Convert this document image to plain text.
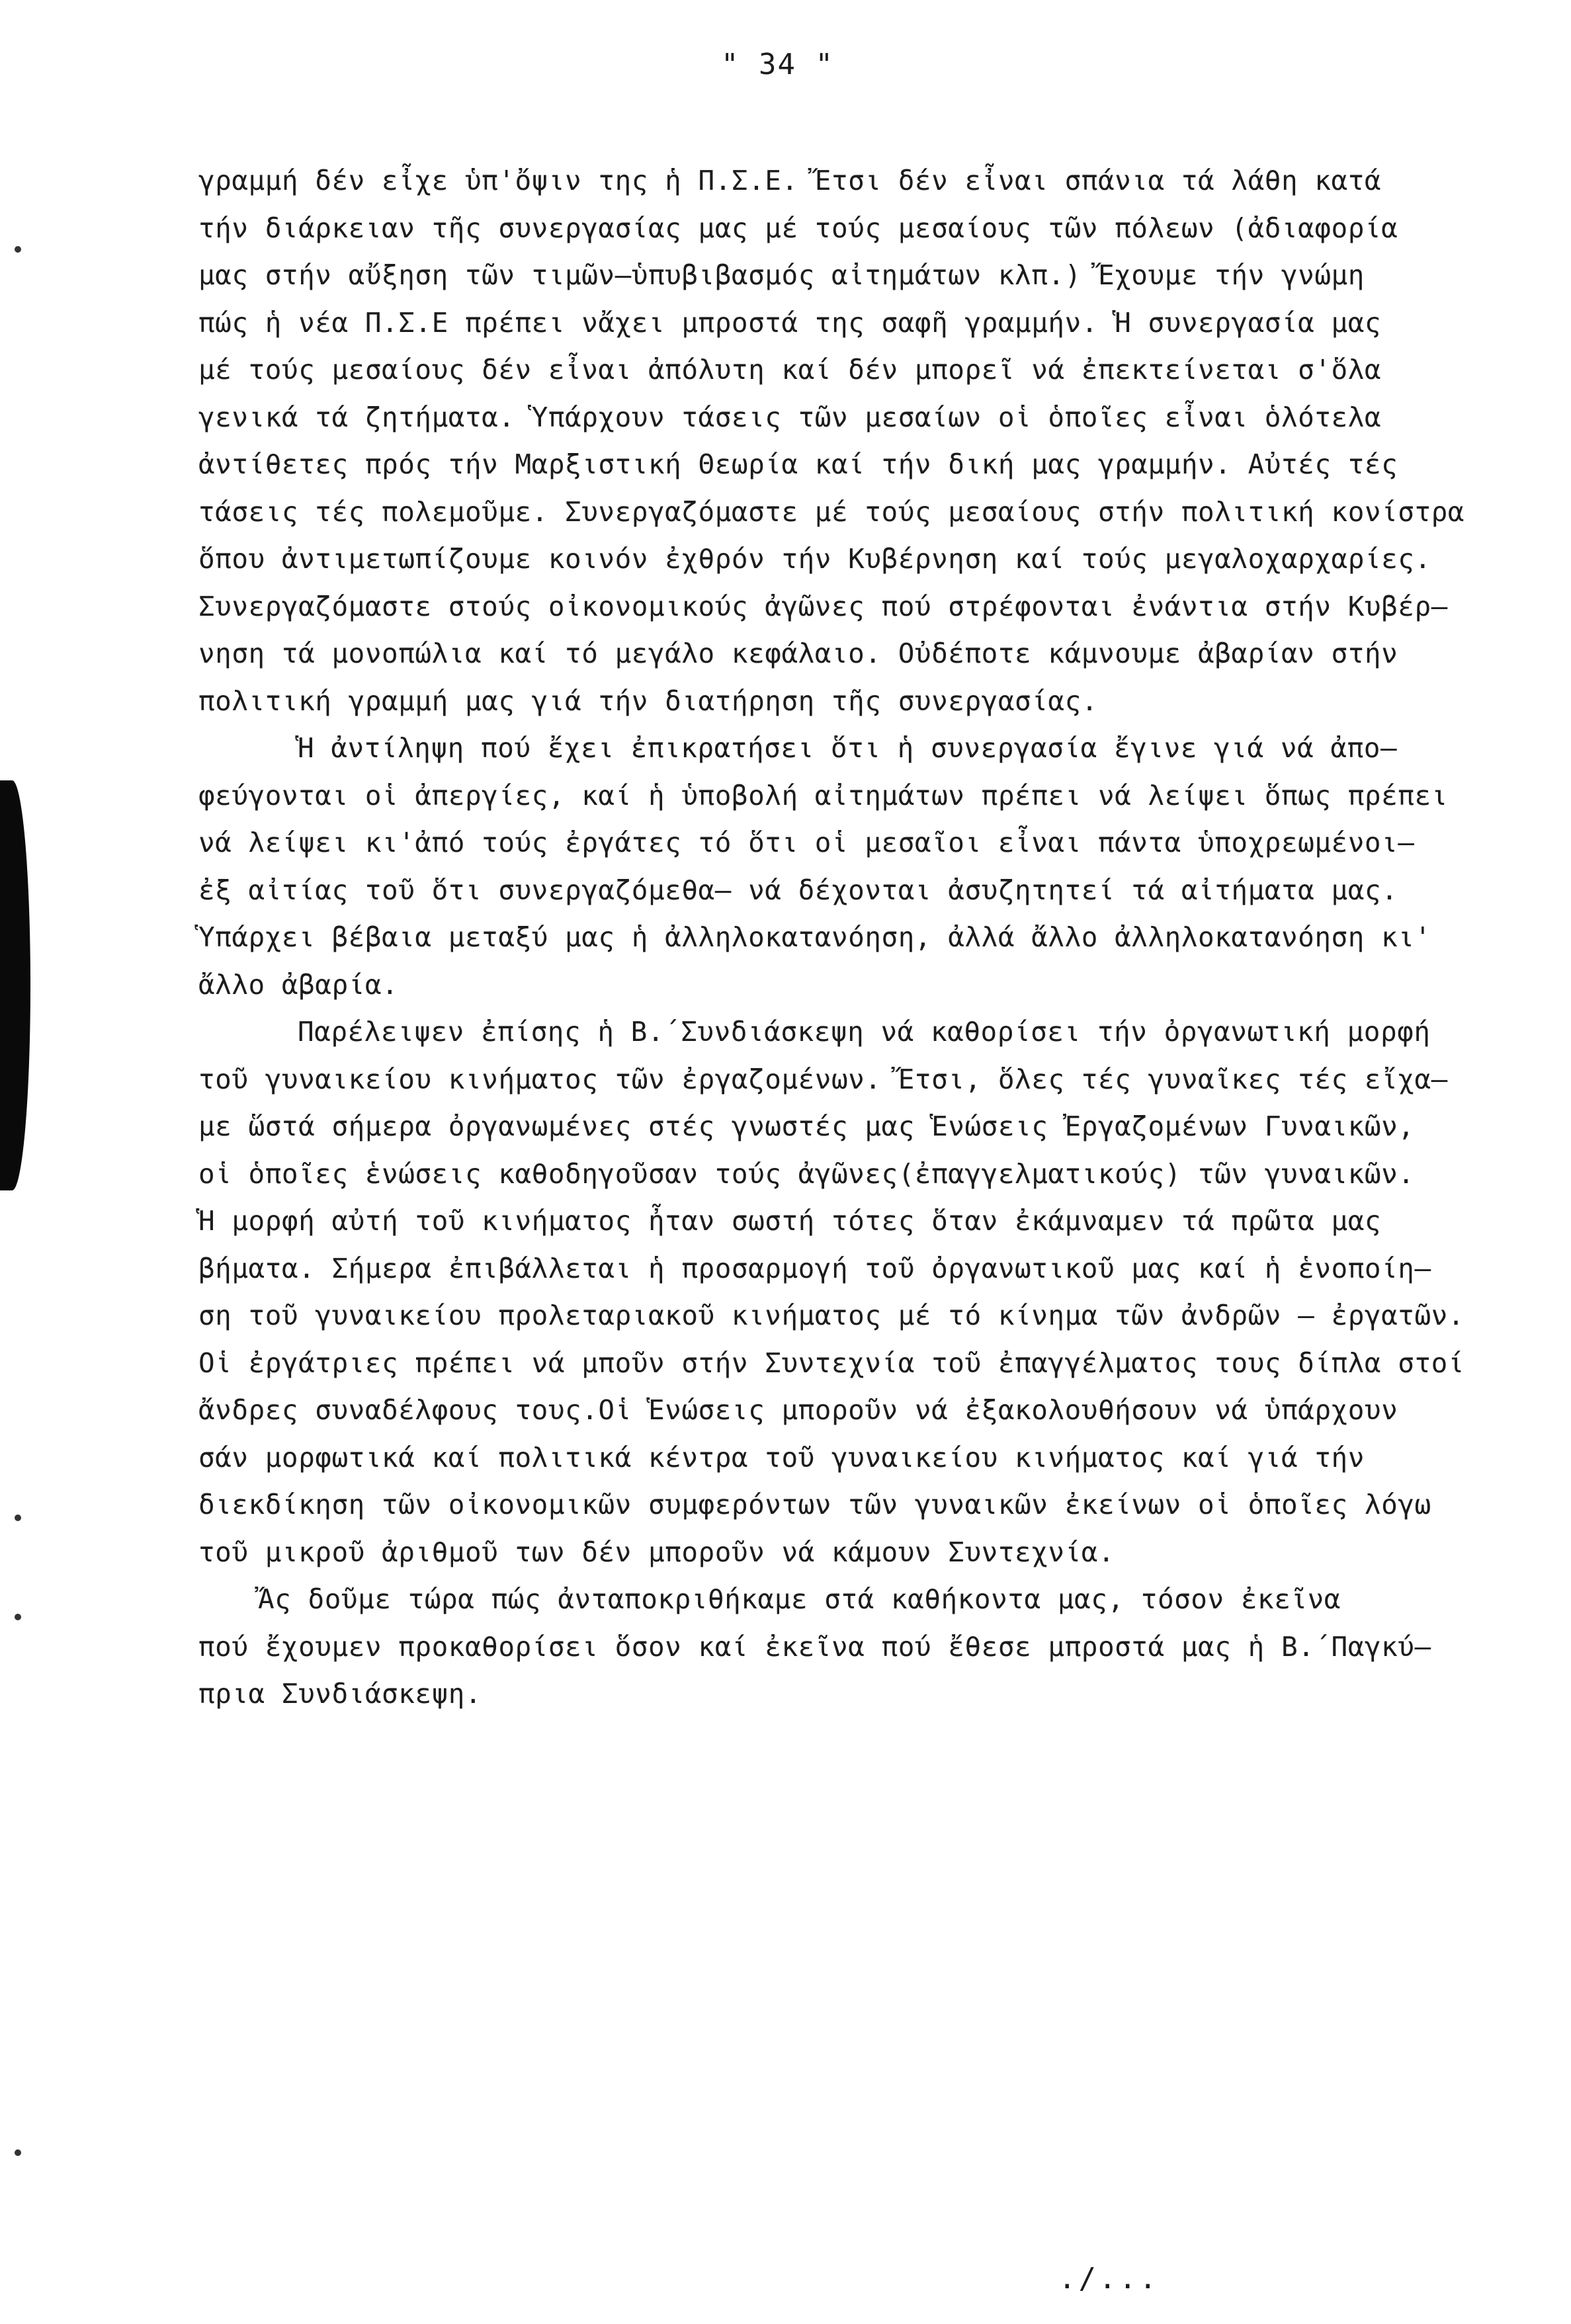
" 34 "
γραμμή δέν εἶχε ὑπ'ὄψιν της ἡ Π.Σ.Ε. Ἔτσι δέν εἶναι σπάνια τά λάθη κατά
τήν διάρκειαν τῆς συνεργασίας μας μέ τούς μεσαίους τῶν πόλεων (ἀδιαφορία
μας στήν αὔξηση τῶν τιμῶν–ὑπυβιβασμός αἰτημάτων κλπ.) Ἔχουμε τήν γνώμη
πώς ἡ νέα Π.Σ.Ε πρέπει νἄχει μπροστά της σαφῆ γραμμήν. Ἡ συνεργασία μας
μέ τούς μεσαίους δέν εἶναι ἀπόλυτη καί δέν μπορεῖ νά ἐπεκτείνεται σ'ὅλα
γενικά τά ζητήματα. Ὑπάρχουν τάσεις τῶν μεσαίων οἱ ὁποῖες εἶναι ὁλότελα
ἀντίθετες πρός τήν Μαρξιστική Θεωρία καί τήν δική μας γραμμήν. Αὐτές τές
τάσεις τές πολεμοῦμε. Συνεργαζόμαστε μέ τούς μεσαίους στήν πολιτική κονίστρα
ὅπου ἀντιμετωπίζουμε κοινόν ἐχθρόν τήν Κυβέρνηση καί τούς μεγαλοχαρχαρίες.
Συνεργαζόμαστε στούς οἰκονομικούς ἀγῶνες πού στρέφονται ἐνάντια στήν Κυβέρ–
νηση τά μονοπώλια καί τό μεγάλο κεφάλαιο. Οὐδέποτε κάμνουμε ἀβαρίαν στήν
πολιτική γραμμή μας γιά τήν διατήρηση τῆς συνεργασίας.
Ἡ ἀντίληψη πού ἔχει ἐπικρατήσει ὅτι ἡ συνεργασία ἔγινε γιά νά ἀπο–
φεύγονται οἱ ἀπεργίες, καί ἡ ὑποβολή αἰτημάτων πρέπει νά λείψει ὅπως πρέπει
νά λείψει κι'ἀπό τούς ἐργάτες τό ὅτι οἱ μεσαῖοι εἶναι πάντα ὑποχρεωμένοι–
ἐξ αἰτίας τοῦ ὅτι συνεργαζόμεθα– νά δέχονται ἀσυζητητεί τά αἰτήματα μας.
Ὑπάρχει βέβαια μεταξύ μας ἡ ἀλληλοκατανόηση, ἀλλά ἄλλο ἀλληλοκατανόηση κι'
ἄλλο ἀβαρία.
Παρέλειψεν ἐπίσης ἡ Β.́ Συνδιάσκεψη νά καθορίσει τήν ὀργανωτική μορφή
τοῦ γυναικείου κινήματος τῶν ἐργαζομένων. Ἔτσι, ὅλες τές γυναῖκες τές εἴχα–
με ὥστά σήμερα ὀργανωμένες στές γνωστές μας Ἑνώσεις Ἐργαζομένων Γυναικῶν,
οἱ ὁποῖες ἑνώσεις καθοδηγοῦσαν τούς ἀγῶνες(ἐπαγγελματικούς) τῶν γυναικῶν.
Ἡ μορφή αὐτή τοῦ κινήματος ἦταν σωστή τότες ὅταν ἐκάμναμεν τά πρῶτα μας
βήματα. Σήμερα ἐπιβάλλεται ἡ προσαρμογή τοῦ ὀργανωτικοῦ μας καί ἡ ἑνοποίη–
ση τοῦ γυναικείου προλεταριακοῦ κινήματος μέ τό κίνημα τῶν ἀνδρῶν – ἐργατῶν.
Οἱ ἐργάτριες πρέπει νά μποῦν στήν Συντεχνία τοῦ ἐπαγγέλματος τους δίπλα στοί
ἄνδρες συναδέλφους τους.Οἱ Ἑνώσεις μποροῦν νά ἐξακολουθήσουν νά ὑπάρχουν
σάν μορφωτικά καί πολιτικά κέντρα τοῦ γυναικείου κινήματος καί γιά τήν
διεκδίκηση τῶν οἰκονομικῶν συμφερόντων τῶν γυναικῶν ἐκείνων οἱ ὁποῖες λόγω
τοῦ μικροῦ ἀριθμοῦ των δέν μποροῦν νά κάμουν Συντεχνία.
Ἄς δοῦμε τώρα πώς ἀνταποκριθήκαμε στά καθήκοντα μας, τόσον ἐκεῖνα
πού ἔχουμεν προκαθορίσει ὅσον καί ἐκεῖνα πού ἔθεσε μπροστά μας ἡ Β.́ Παγκύ–
πρια Συνδιάσκεψη.
./...
